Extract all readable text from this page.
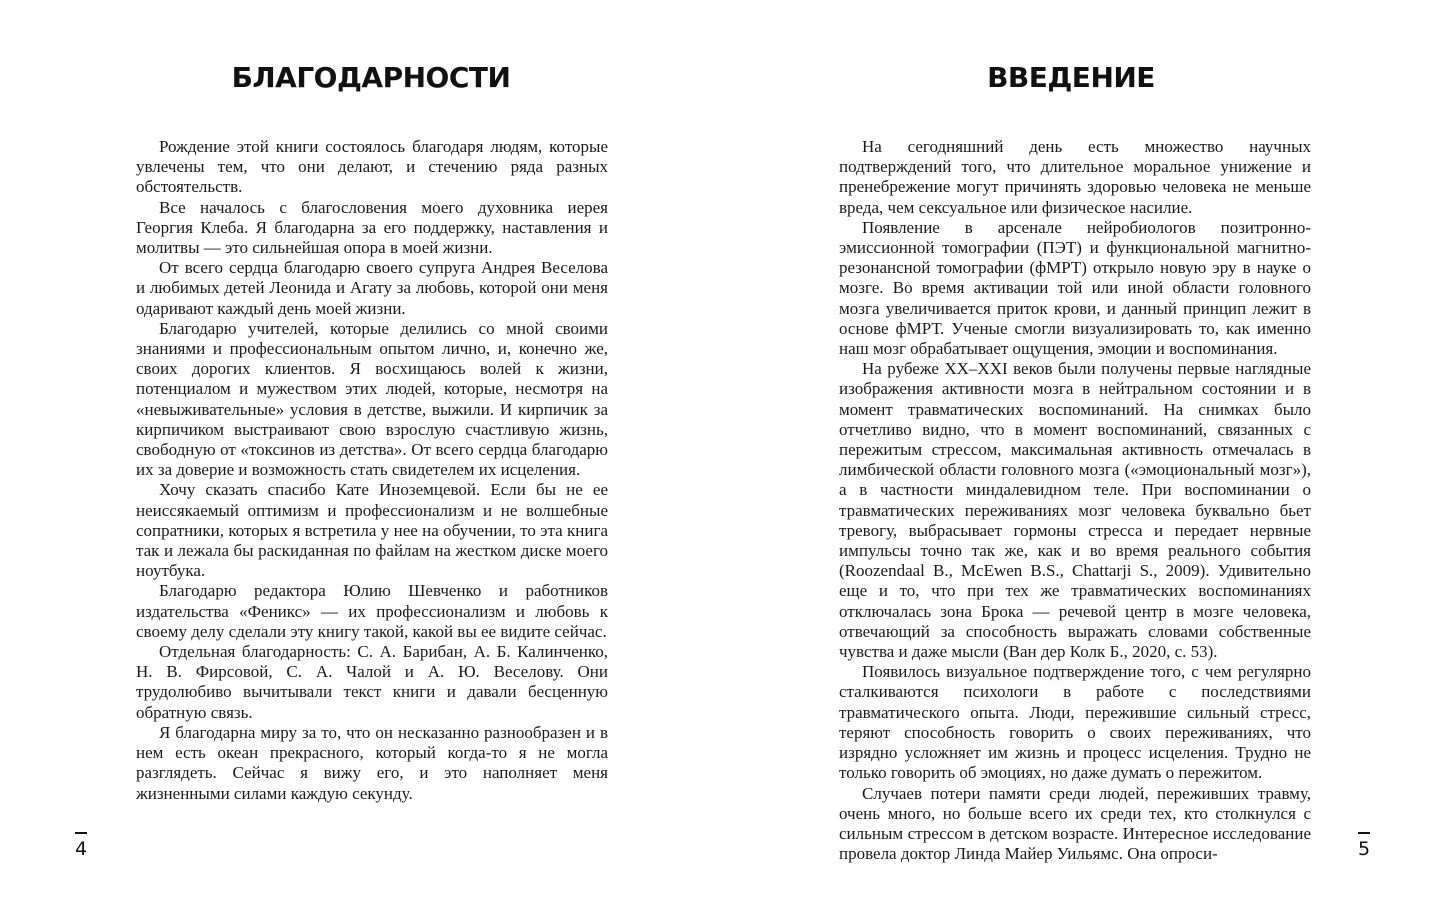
БЛАГОДАРНОСТИ

Рождение этой книги состоялось благодаря людям, которые увлечены тем, что они делают, и стечению ряда разных обстоятельств.

Все началось с благословения моего духовника иерея Георгия Клеба. Я благодарна за его поддержку, наставления и молитвы — это сильнейшая опора в моей жизни.

От всего сердца благодарю своего супруга Андрея Веселова и любимых детей Леонида и Агату за любовь, которой они меня одаривают каждый день моей жизни.

Благодарю учителей, которые делились со мной своими знаниями и профессиональным опытом лично, и, конечно же, своих дорогих клиентов. Я восхищаюсь волей к жизни, потенциалом и мужеством этих людей, которые, несмотря на «невыживательные» условия в детстве, выжили. И кирпичик за кирпичиком выстраивают свою взрослую счастливую жизнь, свободную от «токсинов из детства». От всего сердца благодарю их за доверие и возможность стать свидетелем их исцеления.

Хочу сказать спасибо Кате Иноземцевой. Если бы не ее неиссякаемый оптимизм и профессионализм и не волшебные сопратники, которых я встретила у нее на обучении, то эта книга так и лежала бы раскиданная по файлам на жестком диске моего ноутбука.

Благодарю редактора Юлию Шевченко и работников издательства «Феникс» — их профессионализм и любовь к своему делу сделали эту книгу такой, какой вы ее видите сейчас.

Отдельная благодарность: С. А. Барибан, А. Б. Калинченко, Н. В. Фирсовой, С. А. Чалой и А. Ю. Веселову. Они трудолюбиво вычитывали текст книги и давали бесценную обратную связь.

Я благодарна миру за то, что он несказанно разнообразен и в нем есть океан прекрасного, который когда-то я не могла разглядеть. Сейчас я вижу его, и это наполняет меня жизненными силами каждую секунду.

4
ВВЕДЕНИЕ

На сегодняшний день есть множество научных подтверждений того, что длительное моральное унижение и пренебрежение могут причинять здоровью человека не меньше вреда, чем сексуальное или физическое насилие.

Появление в арсенале нейробиологов позитронно-эмиссионной томографии (ПЭТ) и функциональной магнитно-резонансной томографии (фМРТ) открыло новую эру в науке о мозге. Во время активации той или иной области головного мозга увеличивается приток крови, и данный принцип лежит в основе фМРТ. Ученые смогли визуализировать то, как именно наш мозг обрабатывает ощущения, эмоции и воспоминания.

На рубеже XX–XXI веков были получены первые наглядные изображения активности мозга в нейтральном состоянии и в момент травматических воспоминаний. На снимках было отчетливо видно, что в момент воспоминаний, связанных с пережитым стрессом, максимальная активность отмечалась в лимбической области головного мозга («эмоциональный мозг»), а в частности миндалевидном теле. При воспоминании о травматических переживаниях мозг человека буквально бьет тревогу, выбрасывает гормоны стресса и передает нервные импульсы точно так же, как и во время реального события (Roozendaal B., McEwen B.S., Chattarji S., 2009). Удивительно еще и то, что при тех же травматических воспоминаниях отключалась зона Брока — речевой центр в мозге человека, отвечающий за способность выражать словами собственные чувства и даже мысли (Ван дер Колк Б., 2020, с. 53).

Появилось визуальное подтверждение того, с чем регулярно сталкиваются психологи в работе с последствиями травматического опыта. Люди, пережившие сильный стресс, теряют способность говорить о своих переживаниях, что изрядно усложняет им жизнь и процесс исцеления. Трудно не только говорить об эмоциях, но даже думать о пережитом.

Случаев потери памяти среди людей, переживших травму, очень много, но больше всего их среди тех, кто столкнулся с сильным стрессом в детском возрасте. Интересное исследование провела доктор Линда Майер Уильямс. Она опроси-	5
